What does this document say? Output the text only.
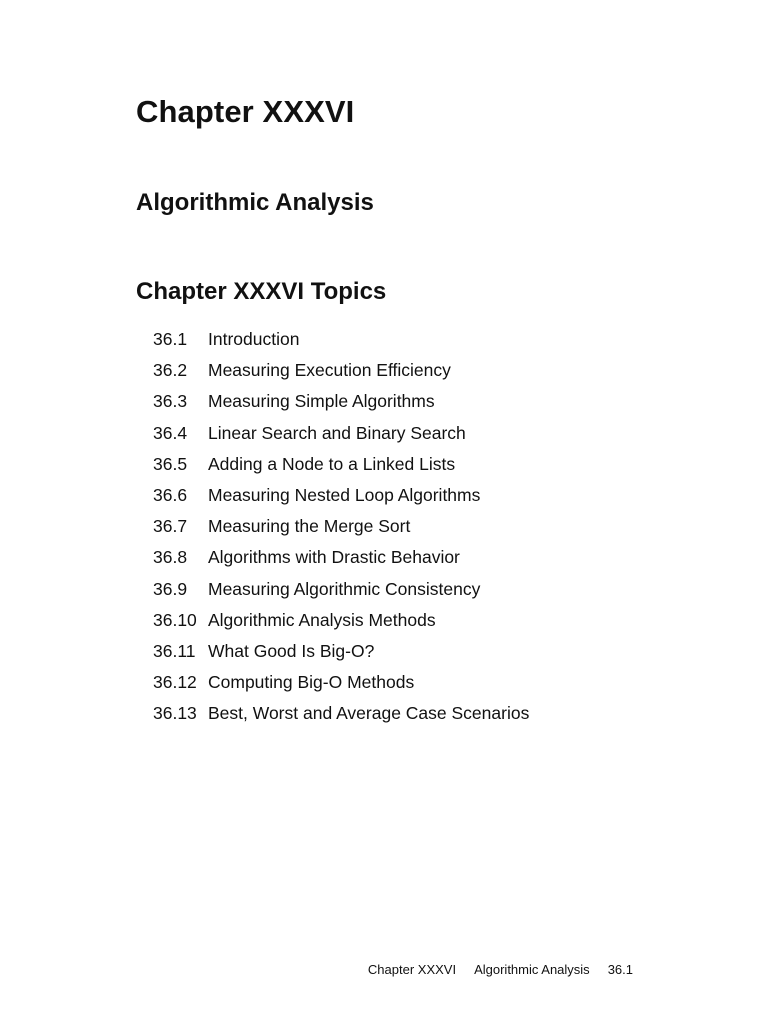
Chapter XXXVI
Algorithmic Analysis
Chapter XXXVI Topics
36.1	Introduction
36.2	Measuring Execution Efficiency
36.3	Measuring Simple Algorithms
36.4	Linear Search and Binary Search
36.5	Adding a Node to a Linked Lists
36.6	Measuring Nested Loop Algorithms
36.7	Measuring the Merge Sort
36.8	Algorithms with Drastic Behavior
36.9	Measuring Algorithmic Consistency
36.10 Algorithmic Analysis Methods
36.11 What Good Is Big-O?
36.12 Computing Big-O Methods
36.13 Best, Worst and Average Case Scenarios
Chapter XXXVI Algorithmic Analysis 36.1
